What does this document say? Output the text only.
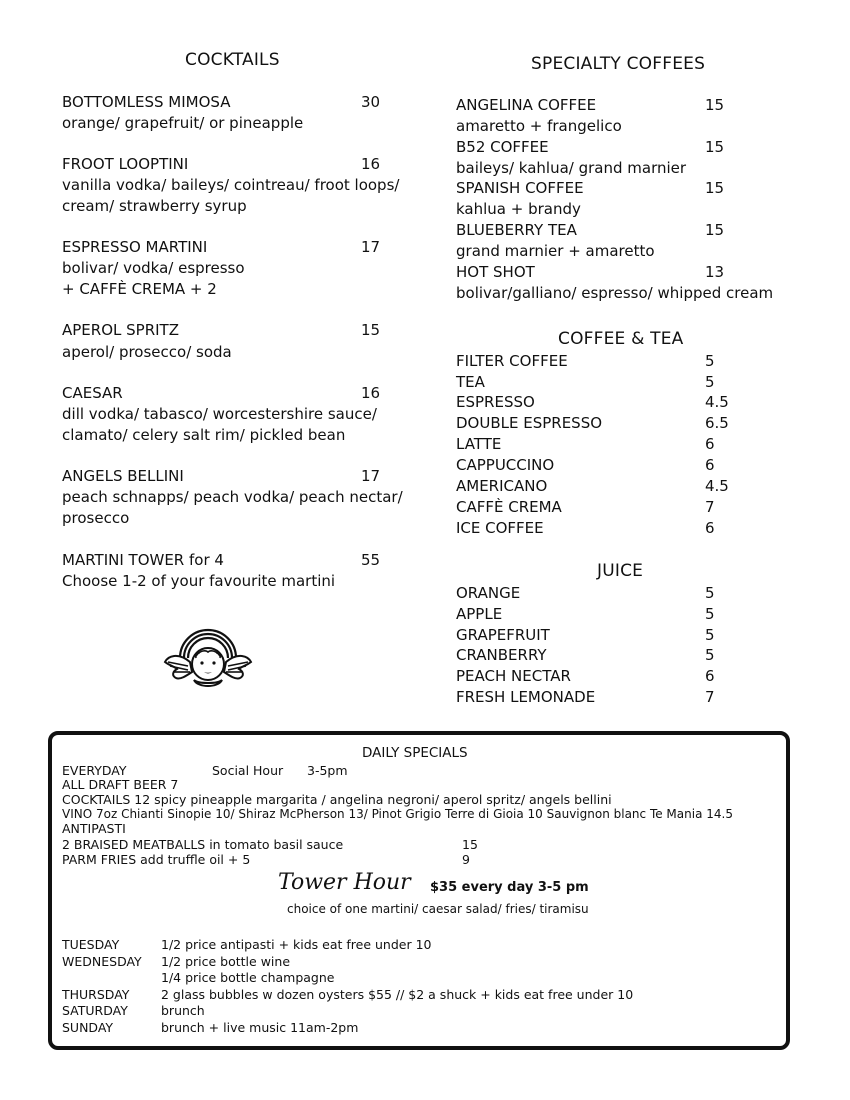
COCKTAILS
BOTTOMLESS MIMOSA	30
orange/ grapefruit/ or pineapple
FROOT LOOPTINI	16
vanilla vodka/ baileys/ cointreau/ froot loops/
cream/ strawberry syrup
ESPRESSO MARTINI	17
bolivar/ vodka/ espresso
+ CAFFÈ CREMA + 2
APEROL SPRITZ	15
aperol/ prosecco/ soda
CAESAR	16
dill vodka/ tabasco/ worcestershire sauce/
clamato/ celery salt rim/ pickled bean
ANGELS BELLINI	17
peach schnapps/ peach vodka/ peach nectar/
prosecco
MARTINI TOWER for 4	55
Choose 1-2 of your favourite martini
SPECIALTY COFFEES
ANGELINA COFFEE	15
amaretto + frangelico
B52 COFFEE	15
baileys/ kahlua/ grand marnier
SPANISH COFFEE	15
kahlua + brandy
BLUEBERRY TEA	15
grand marnier + amaretto
HOT SHOT	13
bolivar/galliano/ espresso/ whipped cream
COFFEE & TEA
FILTER COFFEE	5
TEA	5
ESPRESSO	4.5
DOUBLE ESPRESSO	6.5
LATTE	6
CAPPUCCINO	6
AMERICANO	4.5
CAFFÈ CREMA	7
ICE COFFEE	6
JUICE
ORANGE	5
APPLE	5
GRAPEFRUIT	5
CRANBERRY	5
PEACH NECTAR	6
FRESH LEMONADE	7
DAILY SPECIALS
EVERYDAY	Social Hour 3-5pm
ALL DRAFT BEER 7
COCKTAILS 12 spicy pineapple margarita / angelina negroni/ aperol spritz/ angels bellini
VINO 7oz Chianti Sinopie 10/ Shiraz McPherson 13/ Pinot Grigio Terre di Gioia 10 Sauvignon blanc Te Mania 14.5
ANTIPASTI
2 BRAISED MEATBALLS in tomato basil sauce	15
PARM FRIES add truffle oil + 5	9
Tower Hour $35 every day 3-5 pm
choice of one martini/ caesar salad/ fries/ tiramisu
TUESDAY	1/2 price antipasti + kids eat free under 10
WEDNESDAY 1/2 price bottle wine
1/4 price bottle champagne
THURSDAY	2 glass bubbles w dozen oysters $55 // $2 a shuck + kids eat free under 10
SATURDAY	brunch
SUNDAY	brunch + live music 11am-2pm
